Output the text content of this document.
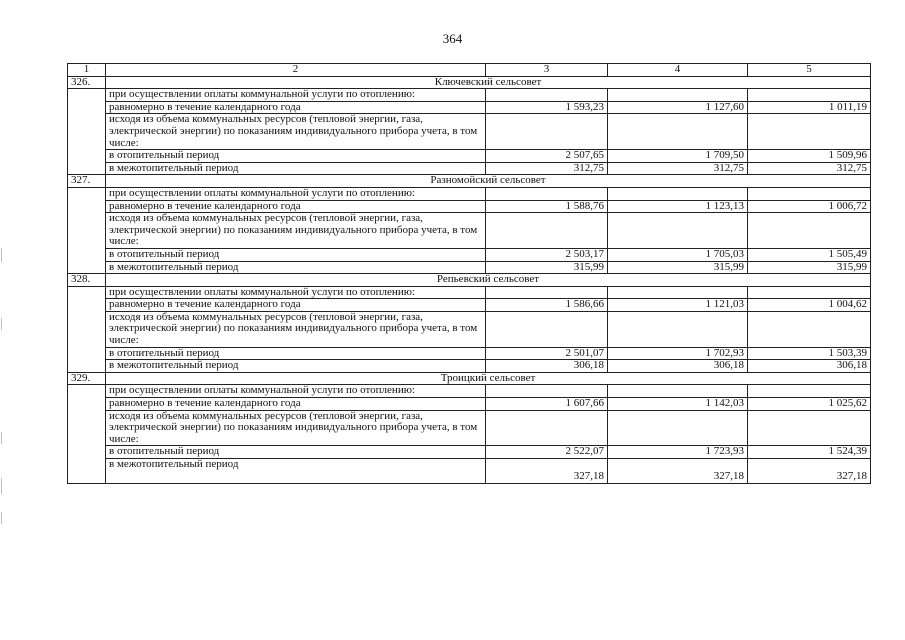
364
1	2	3	4	5
326.	Ключевский сельсовет			
	при осуществлении оплаты коммунальной услуги по отоплению:			
	равномерно в течение календарного года	1 593,23	1 127,60	1 011,19
	исходя из объема коммунальных ресурсов (тепловой энергии, газа, электрической энергии) по показаниям индивидуального прибора учета, в том числе:			
	в отопительный период	2 507,65	1 709,50	1 509,96
	в межотопительный период	312,75	312,75	312,75
327.	Разномойский сельсовет			
	при осуществлении оплаты коммунальной услуги по отоплению:			
	равномерно в течение календарного года	1 588,76	1 123,13	1 006,72
	исходя из объема коммунальных ресурсов (тепловой энергии, газа, электрической энергии) по показаниям индивидуального прибора учета, в том числе:			
	в отопительный период	2 503,17	1 705,03	1 505,49
	в межотопительный период	315,99	315,99	315,99
328.	Репьевский сельсовет			
	при осуществлении оплаты коммунальной услуги по отоплению:			
	равномерно в течение календарного года	1 586,66	1 121,03	1 004,62
	исходя из объема коммунальных ресурсов (тепловой энергии, газа, электрической энергии) по показаниям индивидуального прибора учета, в том числе:			
	в отопительный период	2 501,07	1 702,93	1 503,39
	в межотопительный период	306,18	306,18	306,18
329.	Троицкий сельсовет			
	при осуществлении оплаты коммунальной услуги по отоплению:			
	равномерно в течение календарного года	1 607,66	1 142,03	1 025,62
	исходя из объема коммунальных ресурсов (тепловой энергии, газа, электрической энергии) по показаниям индивидуального прибора учета, в том числе:			
	в отопительный период	2 522,07	1 723,93	1 524,39
	в межотопительный период	327,18	327,18	327,18
